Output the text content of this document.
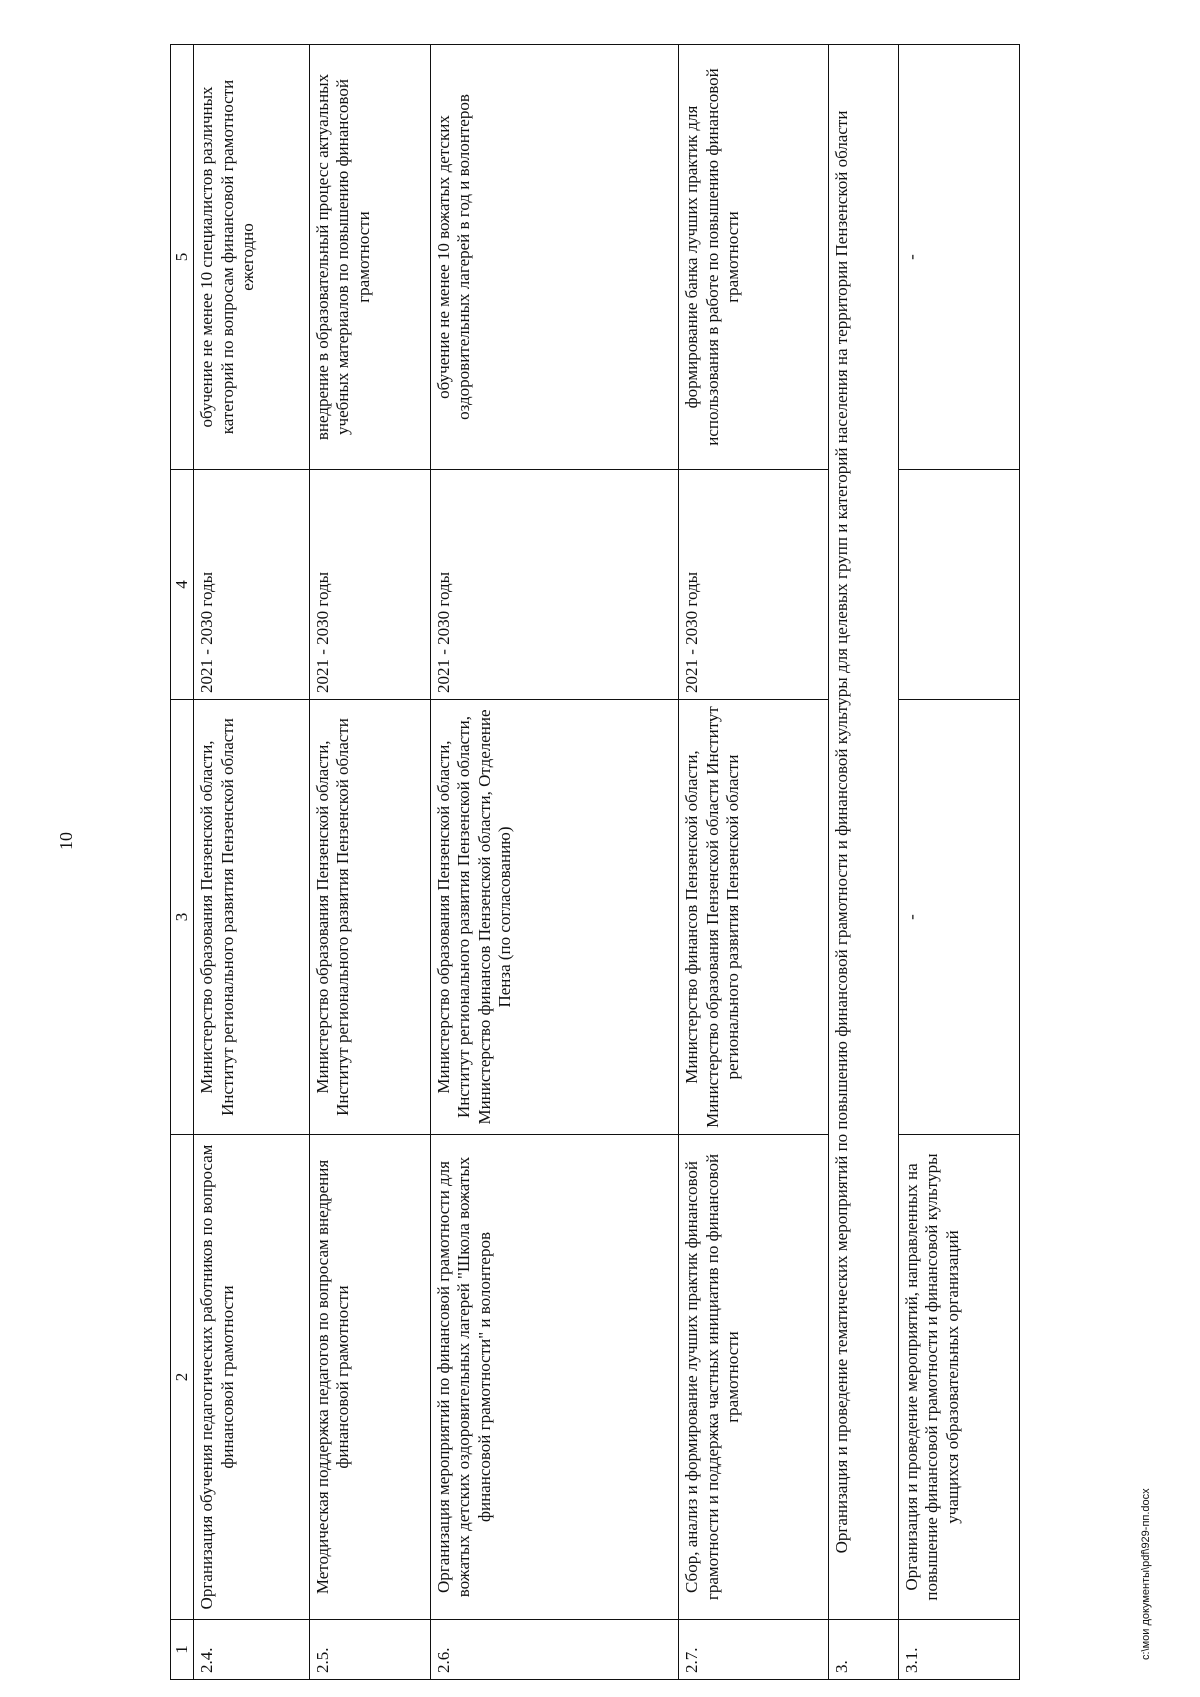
10
1	2	3	4	5
2.4.	Организация обучения педагогических работников по вопросам финансовой грамотности	Министерство образования Пензенской области, Институт регионального развития Пензенской области	2021 - 2030 годы	обучение не менее 10 специалистов различных категорий по вопросам финансовой грамотности ежегодно
2.5.	Методическая поддержка педагогов по вопросам внедрения финансовой грамотности	Министерство образования Пензенской области, Институт регионального развития Пензенской области	2021 - 2030 годы	внедрение в образовательный процесс актуальных учебных материалов по повышению финансовой грамотности
2.6.	Организация мероприятий по финансовой грамотности для вожатых детских оздоровительных лагерей "Школа вожатых финансовой грамотности" и волонтеров	Министерство образования Пензенской области, Институт регионального развития Пензенской области, Министерство финансов Пензенской области, Отделение Пенза (по согласованию)	2021 - 2030 годы	обучение не менее 10 вожатых детских оздоровительных лагерей в год и волонтеров
2.7.	Сбор, анализ и формирование лучших практик финансовой грамотности и поддержка частных инициатив по финансовой грамотности	Министерство финансов Пензенской области, Министерство образования Пензенской области Институт регионального развития Пензенской области	2021 - 2030 годы	формирование банка лучших практик для использования в работе по повышению финансовой грамотности
3.	Организация и проведение тематических мероприятий по повышению финансовой грамотности и финансовой культуры для целевых групп и категорий населения на территории Пензенской области			
3.1.	Организация и проведение мероприятий, направленных на повышение финансовой грамотности и финансовой культуры учащихся образовательных организаций	-		-
с:\мои документы\pdf\929-пп.docx
